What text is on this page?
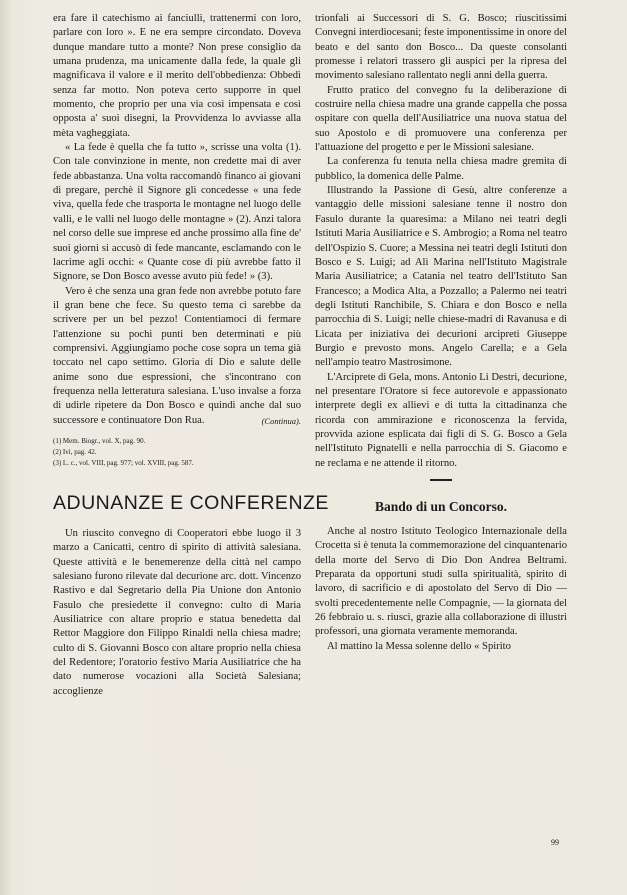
era fare il catechismo ai fanciulli, trattenermi con loro, parlare con loro ». E ne era sempre circondato. Doveva dunque mandare tutto a monte? Non prese consiglio da umana prudenza, ma unicamente dalla fede, la quale gli magnificava il valore e il merito dell'obbedienza: Obbedì senza far motto. Non poteva certo supporre in quel momento, che proprio per una via così impensata e così opposta a' suoi disegni, la Provvidenza lo avviasse alla mèta vagheggiata.

« La fede è quella che fa tutto », scrisse una volta (1). Con tale convinzione in mente, non credette mai di aver fede abbastanza. Una volta raccomandò financo ai giovani di pregare, perchè il Signore gli concedesse « una fede viva, quella fede che trasporta le montagne nel luogo delle valli, e le valli nel luogo delle montagne » (2). Anzi talora nel corso delle sue imprese ed anche prossimo alla fine de' suoi giorni si accusò di fede mancante, esclamando con le lacrime agli occhi: « Quante cose di più avrebbe fatto il Signore, se Don Bosco avesse avuto più fede! » (3).

Vero è che senza una gran fede non avrebbe potuto fare il gran bene che fece. Su questo tema ci sarebbe da scrivere per un bel pezzo! Contentiamoci di fermare l'attenzione su pochi punti ben determinati e più comprensivi. Aggiungiamo poche cose sopra un tema già toccato nel capo settimo. Gloria di Dio e salute delle anime sono due espressioni, che s'incontrano con frequenza nella letteratura salesiana. L'uso invalse a forza di udirle ripetere da Don Bosco e quindi anche dal suo successore e continuatore Don Rua.	(Continua).

(1) Mem. Biogr., vol. X, pag. 90.

(2) Ivi, pag. 42.

(3) L. c., vol. VIII, pag. 977; vol. XVIII, pag. 587.

ADUNANZE E CONFERENZE

Un riuscito convegno di Cooperatori ebbe luogo il 3 marzo a Canicattì, centro di spirito di attività salesiana. Queste attività e le benemerenze della città nel campo salesiano furono rilevate dal decurione arc. dott. Vincenzo Rastivo e dal Segretario della Pia Unione don Antonio Fasulo che presiedette il convegno: culto di Maria Ausiliatrice con altare proprio e statua benedetta dal Rettor Maggiore don Filippo Rinaldi nella chiesa madre; culto di S. Giovanni Bosco con altare proprio nella chiesa del Redentore; l'oratorio festivo Maria Ausiliatrice che ha dato numerose vocazioni alla Società Salesiana; accoglienze

trionfali ai Successori di S. G. Bosco; riuscitissimi Convegni interdiocesani; feste imponentissime in onore del beato e del santo don Bosco... Da queste consolanti promesse i relatori trassero gli auspici per la ripresa del movimento salesiano rallentato negli anni della guerra.

Frutto pratico del convegno fu la deliberazione di costruire nella chiesa madre una grande cappella che possa ospitare con quella dell'Ausiliatrice una nuova statua del suo Apostolo e di promuovere una conferenza per l'attuazione del progetto e per le Missioni salesiane.

La conferenza fu tenuta nella chiesa madre gremita di pubblico, la domenica delle Palme.

Illustrando la Passione di Gesù, altre conferenze a vantaggio delle missioni salesiane tenne il nostro don Fasulo durante la quaresima: a Milano nei teatri degli Istituti Maria Ausiliatrice e S. Ambrogio; a Roma nel teatro dell'Ospizio S. Cuore; a Messina nei teatri degli Istituti don Bosco e S. Luigi; ad Alì Marina nell'Istituto Magistrale Maria Ausiliatrice; a Catania nel teatro dell'Istituto San Francesco; a Modica Alta, a Pozzallo; a Palermo nei teatri degli Istituti Ranchibile, S. Chiara e don Bosco e nella parrocchia di S. Luigi; nelle chiese-madri di Ravanusa e di Licata per iniziativa dei decurioni arcipreti Giuseppe Burgio e prevosto mons. Angelo Carella; e a Gela nell'ampio teatro Mastrosimone.

L'Arciprete di Gela, mons. Antonio Li Destri, decurione, nel presentare l'Oratore si fece autorevole e appassionato interprete degli ex allievi e di tutta la cittadinanza che ricorda con ammirazione e riconoscenza la fervida, provvida azione esplicata dai figli di S. G. Bosco a Gela nell'Istituto Pignatelli e nella parrocchia di S. Giacomo e ne reclama e ne attende il ritorno.

Bando di un Concorso.

Anche al nostro Istituto Teologico Internazionale della Crocetta si è tenuta la commemorazione del cinquantenario della morte del Servo di Dio Don Andrea Beltrami. Preparata da opportuni studi sulla spiritualità, spirito di lavoro, di sacrificio e di apostolato del Servo di Dio — svolti precedentemente nelle Compagnie, — la giornata del 26 febbraio u. s. riuscì, grazie alla collaborazione di illustri professori, una giornata veramente memoranda.

Al mattino la Messa solenne dello « Spirito

99
